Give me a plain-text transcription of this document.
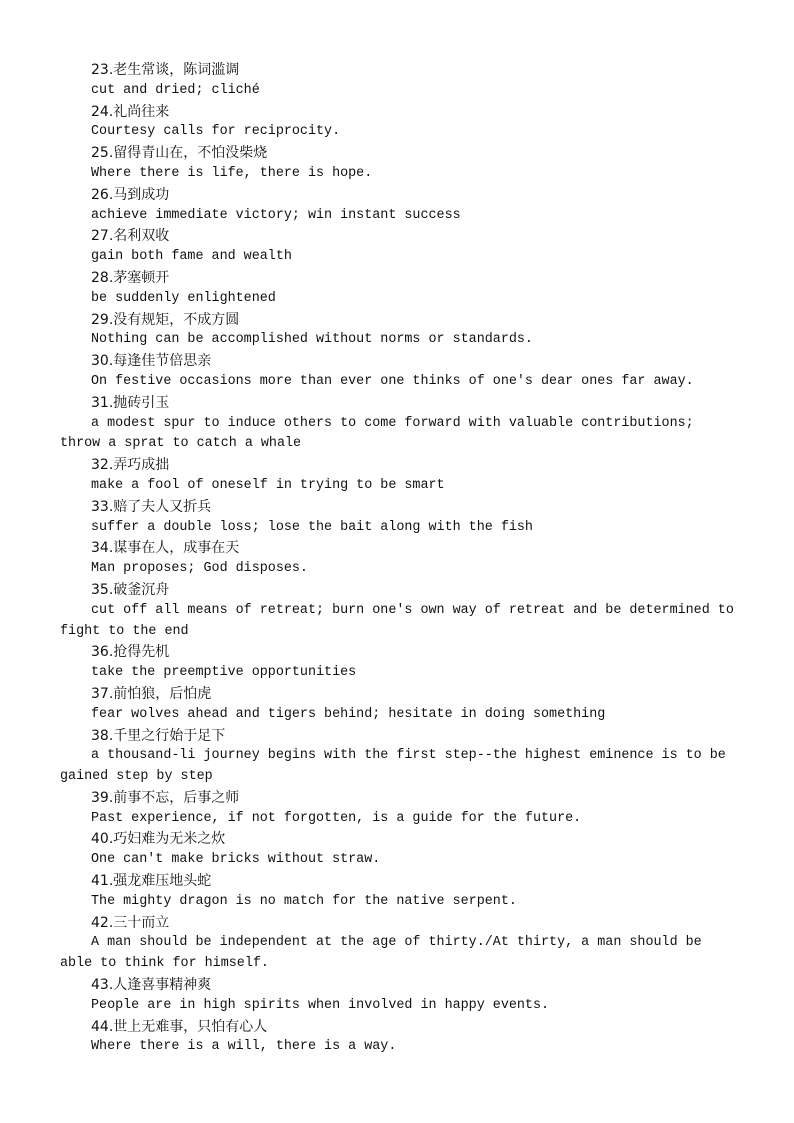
23.老生常谈，陈词滥调
cut and dried; cliché
24.礼尚往来
Courtesy calls for reciprocity.
25.留得青山在，不怕没柴烧
Where there is life, there is hope.
26.马到成功
achieve immediate victory; win instant success
27.名利双收
gain both fame and wealth
28.茅塞顿开
be suddenly enlightened
29.没有规矩，不成方圆
Nothing can be accomplished without norms or standards.
30.每逢佳节倍思亲
On festive occasions more than ever one thinks of one's dear ones far away.
31.抛砖引玉
a modest spur to induce others to come forward with valuable contributions; throw a sprat to catch a whale
32.弄巧成拙
make a fool of oneself in trying to be smart
33.赔了夫人又折兵
suffer a double loss; lose the bait along with the fish
34.谋事在人，成事在天
Man proposes; God disposes.
35.破釜沉舟
cut off all means of retreat; burn one's own way of retreat and be determined to fight to the end
36.抢得先机
take the preemptive opportunities
37.前怕狼，后怕虎
fear wolves ahead and tigers behind; hesitate in doing something
38.千里之行始于足下
a thousand-li journey begins with the first step--the highest eminence is to be gained step by step
39.前事不忘，后事之师
Past experience, if not forgotten, is a guide for the future.
40.巧妇难为无米之炊
One can't make bricks without straw.
41.强龙难压地头蛇
The mighty dragon is no match for the native serpent.
42.三十而立
A man should be independent at the age of thirty./At thirty, a man should be able to think for himself.
43.人逢喜事精神爽
People are in high spirits when involved in happy events.
44.世上无难事，只怕有心人
Where there is a will, there is a way.
